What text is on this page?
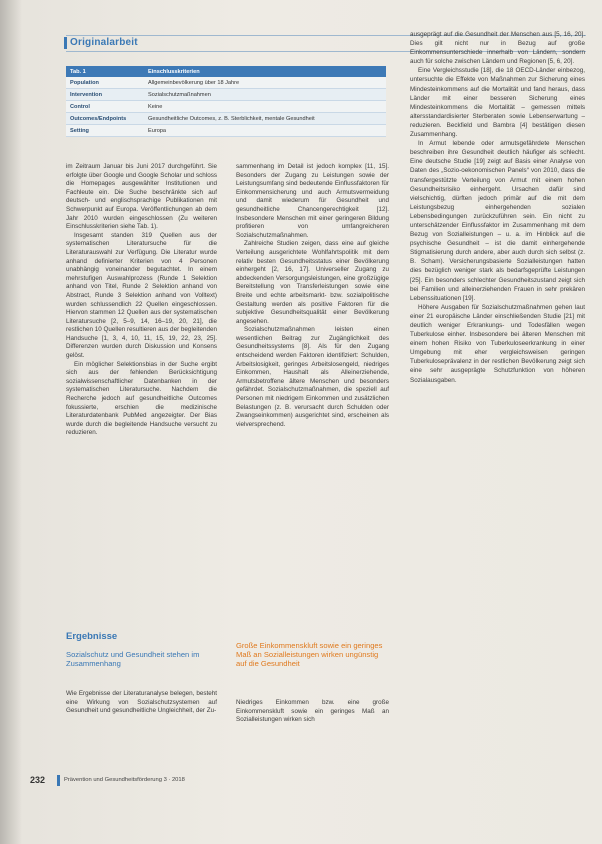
Originalarbeit
Tab. 1	Einschlusskriterien
Population	Allgemeinbevölkerung über 18 Jahre
Intervention	Sozialschutzmaßnahmen
Control	Keine
Outcomes/Endpoints	Gesundheitliche Outcomes, z. B. Sterblichkeit, mentale Gesundheit
Setting	Europa

im Zeitraum Januar bis Juni 2017 durchgeführt. Sie erfolgte über Google und Google Scholar und schloss die Homepages ausgewählter Institutionen und Fachleute ein. Die Suche beschränkte sich auf deutsch- und englischsprachige Publikationen mit Schwerpunkt auf Europa. Veröffentlichungen ab dem Jahr 2010 wurden eingeschlossen (Zu weiteren Einschlusskriterien siehe Tab. 1).

Insgesamt standen 319 Quellen aus der systematischen Literatursuche für die Literaturauswahl zur Verfügung. Die Literatur wurde anhand definierter Kriterien von 4 Personen unabhängig voneinander begutachtet. In einem mehrstufigen Auswahlprozess (Runde 1 Selektion anhand von Titel, Runde 2 Selektion anhand von Abstract, Runde 3 Selektion anhand von Volltext) wurden schlussendlich 22 Quellen eingeschlossen. Hiervon stammen 12 Quellen aus der systematischen Literatursuche [2, 5–9, 14, 16–19, 20, 21], die restlichen 10 Quellen resultieren aus der begleitenden Handsuche [1, 3, 4, 10, 11, 15, 19, 22, 23, 25]. Differenzen wurden durch Diskussion und Konsens gelöst.

Ein möglicher Selektionsbias in der Suche ergibt sich aus der fehlenden Berücksichtigung sozialwissenschaftlicher Datenbanken in der systematischen Literatursuche. Nachdem die Recherche jedoch auf gesundheitliche Outcomes fokussierte, erschien die medizinische Literaturdatenbank PubMed angezeigter. Der Bias wurde durch die begleitende Handsuche versucht zu reduzieren.

sammenhang im Detail ist jedoch komplex [11, 15]. Besonders der Zugang zu Leistungen sowie der Leistungsumfang sind bedeutende Einflussfaktoren für Einkommensicherung und auch Armutsvermeidung und damit wiederum für Gesundheit und gesundheitliche Chancengerechtigkeit [12]. Insbesondere Menschen mit einer geringeren Bildung profitieren von umfangreicheren Sozialschutzmaßnahmen.

Zahlreiche Studien zeigen, dass eine auf gleiche Verteilung ausgerichtete Wohlfahrtspolitik mit dem relativ besten Gesundheitsstatus einer Bevölkerung einhergeht [2, 16, 17]. Universeller Zugang zu abdeckenden Versorgungsleistungen, eine großzügige Bereitstellung von Transferleistungen sowie eine Breite und echte arbeitsmarkt- bzw. sozialpolitische Gestaltung werden als positive Faktoren für die subjektive Gesundheitsqualität einer Bevölkerung angesehen.

Sozialschutzmaßnahmen leisten einen wesentlichen Beitrag zur Zugänglichkeit des Gesundheitssystems [8]. Als für den Zugang entscheidend werden Faktoren identifiziert: Schulden, Arbeitslosigkeit, geringes Arbeitslosengeld, niedriges Einkommen, Haushalt als Alleinerziehende, Armutsbetroffene ältere Menschen und besonders gefährdet. Sozialschutzmaßnahmen, die speziell auf Personen mit niedrigem Einkommen und zusätzlichen Belastungen (z. B. verursacht durch Schulden oder Zwangseinkommen) ausgerichtet sind, erscheinen als vielversprechend.

ausgeprägt auf die Gesundheit der Menschen aus [5, 16, 20]. Dies gilt nicht nur in Bezug auf große Einkommensunterschiede innerhalb von Ländern, sondern auch für solche zwischen Ländern und Regionen [5, 6, 20].

Eine Vergleichsstudie [18], die 18 OECD-Länder einbezog, untersuchte die Effekte von Maßnahmen zur Sicherung eines Mindesteinkommens auf die Mortalität und fand heraus, dass Länder mit einer besseren Sicherung eines Mindesteinkommens die Mortalität – gemessen mittels altersstandardisierter Sterberaten sowie Lebenserwartung – reduzieren. Beckfield und Bambra [4] bestätigen diesen Zusammenhang.

In Armut lebende oder armutsgefährdete Menschen beschreiben ihre Gesundheit deutlich häufiger als schlecht. Eine deutsche Studie [19] zeigt auf Basis einer Analyse von Daten des „Sozio-oekonomischen Panels“ von 2010, dass die transfergestützte Verteilung von Armut mit einem hohen Gesundheitsrisiko einhergeht. Ursachen dafür sind vielschichtig, dürften jedoch primär auf die mit dem Leistungsbezug einhergehenden sozialen Lebensbedingungen zurückzuführen sein. Ein nicht zu unterschätzender Einflussfaktor im Zusammenhang mit dem Bezug von Sozialleistungen – u. a. im Hinblick auf die psychische Gesundheit – ist die damit einhergehende Stigmatisierung durch andere, aber auch durch sich selbst (z. B. Scham). Versicherungsbasierte Sozialleistungen hatten dies bezüglich weniger stark als bedarfsgeprüfte Leistungen [25]. Ein besonders schlechter Gesundheitszustand zeigt sich bei Familien und alleinerziehenden Frauen in sehr prekären Lebenssituationen [19].

Höhere Ausgaben für Sozialschutzmaßnahmen gehen laut einer 21 europäische Länder einschließenden Studie [21] mit deutlich weniger Erkrankungs- und Todesfällen wegen Tuberkulose einher. Insbesondere bei älteren Menschen mit einem hohen Risiko von Tuberkuloseerkrankung in einer Umgebung mit eher vergleichsweisen geringen Tuberkuloseprävalenz in der restlichen Bevölkerung zeigt sich eine sehr ausgeprägte Schutzfunktion von höheren Sozialausgaben.

Ergebnisse
Sozialschutz und Gesundheit stehen im Zusammenhang

Wie Ergebnisse der Literaturanalyse belegen, besteht eine Wirkung von Sozialschutzsystemen auf Gesundheit und gesundheitliche Ungleichheit, der Zu-

Große Einkommenskluft sowie ein geringes Maß an Sozialleistungen wirken ungünstig auf die Gesundheit

Niedriges Einkommen bzw. eine große Einkommenskluft sowie ein geringes Maß an Sozialleistungen wirken sich

232	Prävention und Gesundheitsförderung 3 · 2018
